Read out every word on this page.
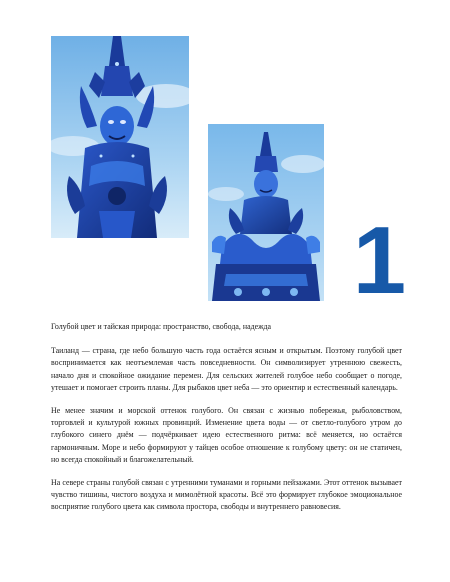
1

Голубой цвет и тайская природа: пространство, свобода, надежда

Таиланд — страна, где небо большую часть года остаётся ясным и открытым. Поэтому голубой цвет воспринимается как неотъемлемая часть повседневности. Он символизирует утреннюю свежесть, начало дня и спокойное ожидание перемен. Для сельских жителей голубое небо сообщает о погоде, утешает и помогает строить планы. Для рыбаков цвет неба — это ориентир и естественный календарь.

Не менее значим и морской оттенок голубого. Он связан с жизнью побережья, рыболовством, торговлей и культурой южных провинций. Изменение цвета воды — от светло-голубого утром до глубокого синего днём — подчёркивает идею естественного ритма: всё меняется, но остаётся гармоничным. Море и небо формируют у тайцев особое отношение к голубому цвету: он не статичен, но всегда спокойный и благожелательный.

На севере страны голубой связан с утренними туманами и горными пейзажами. Этот оттенок вызывает чувство тишины, чистого воздуха и мимолётной красоты. Всё это формирует глубокое эмоциональное восприятие голубого цвета как символа простора, свободы и внутреннего равновесия.
